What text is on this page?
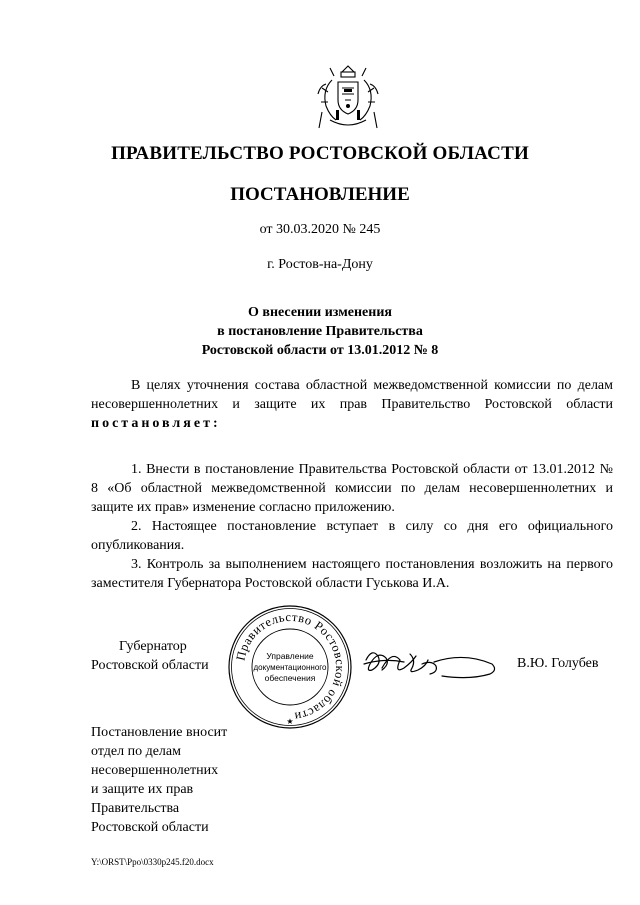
ПРАВИТЕЛЬСТВО РОСТОВСКОЙ ОБЛАСТИ
ПОСТАНОВЛЕНИЕ
от 30.03.2020 № 245
г. Ростов-на-Дону
О внесении изменения
в постановление Правительства
Ростовской области от 13.01.2012 № 8
В целях уточнения состава областной межведомственной комиссии по делам несовершеннолетних и защите их прав Правительство Ростовской области постановляет:
1. Внести в постановление Правительства Ростовской области от 13.01.2012 № 8 «Об областной межведомственной комиссии по делам несовершеннолетних и защите их прав» изменение согласно приложению.
2. Настоящее постановление вступает в силу со дня его официального опубликования.
3. Контроль за выполнением настоящего постановления возложить на первого заместителя Губернатора Ростовской области Гуськова И.А.
Губернатор
Ростовской области
Правительство Ростовской области
Управление
документационного
обеспечения
★
В.Ю. Голубев
Постановление вносит
отдел по делам
несовершеннолетних
и защите их прав
Правительства
Ростовской области
Y:\ORST\Ppo\0330p245.f20.docx
